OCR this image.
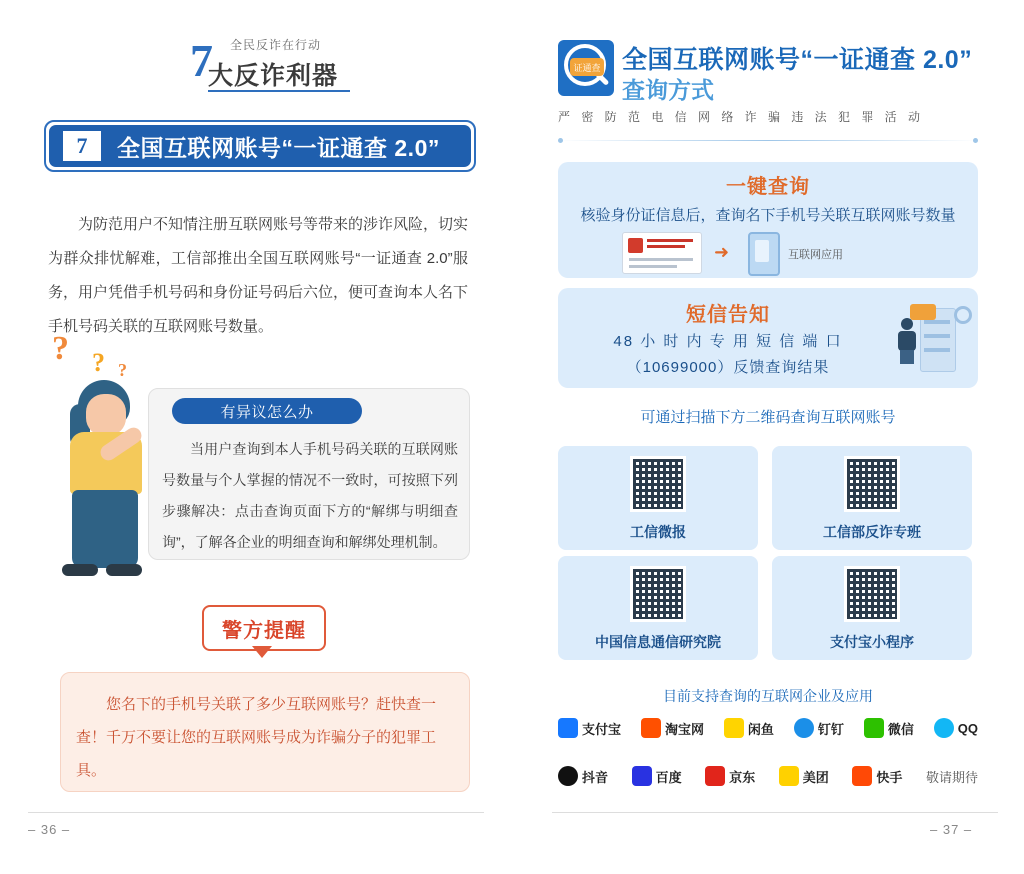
7 全民反诈在行动
大反诈利器
7	全国互联网账号“一证通查 2.0”
为防范用户不知情注册互联网账号等带来的涉诈风险，切实为群众排忧解难，工信部推出全国互联网账号“一证通查 2.0”服务，用户凭借手机号码和身份证号码后六位，便可查询本人名下手机号码关联的互联网账号数量。
? ? ?
有异议怎么办
当用户查询到本人手机号码关联的互联网账号数量与个人掌握的情况不一致时，可按照下列步骤解决：点击查询页面下方的“解绑与明细查询”，了解各企业的明细查询和解绑处理机制。
警方提醒
您名下的手机号关联了多少互联网账号？赶快查一查！千万不要让您的互联网账号成为诈骗分子的犯罪工具。
– 36 –
证通查 全国互联网账号“一证通查 2.0”
查询方式
严 密 防 范 电 信 网 络 诈 骗 违 法 犯 罪 活 动
一键查询
核验身份证信息后，查询名下手机号关联互联网账号数量
➜	互联网应用
短信告知
48 小 时 内 专 用 短 信 端 口
（10699000）反馈查询结果
可通过扫描下方二维码查询互联网账号
工信微报	工信部反诈专班
中国信息通信研究院	支付宝小程序
目前支持查询的互联网企业及应用
支付宝	淘宝网	闲鱼	钉钉	微信	QQ
抖音	百度	京东	美团	快手 敬请期待
– 37 –
